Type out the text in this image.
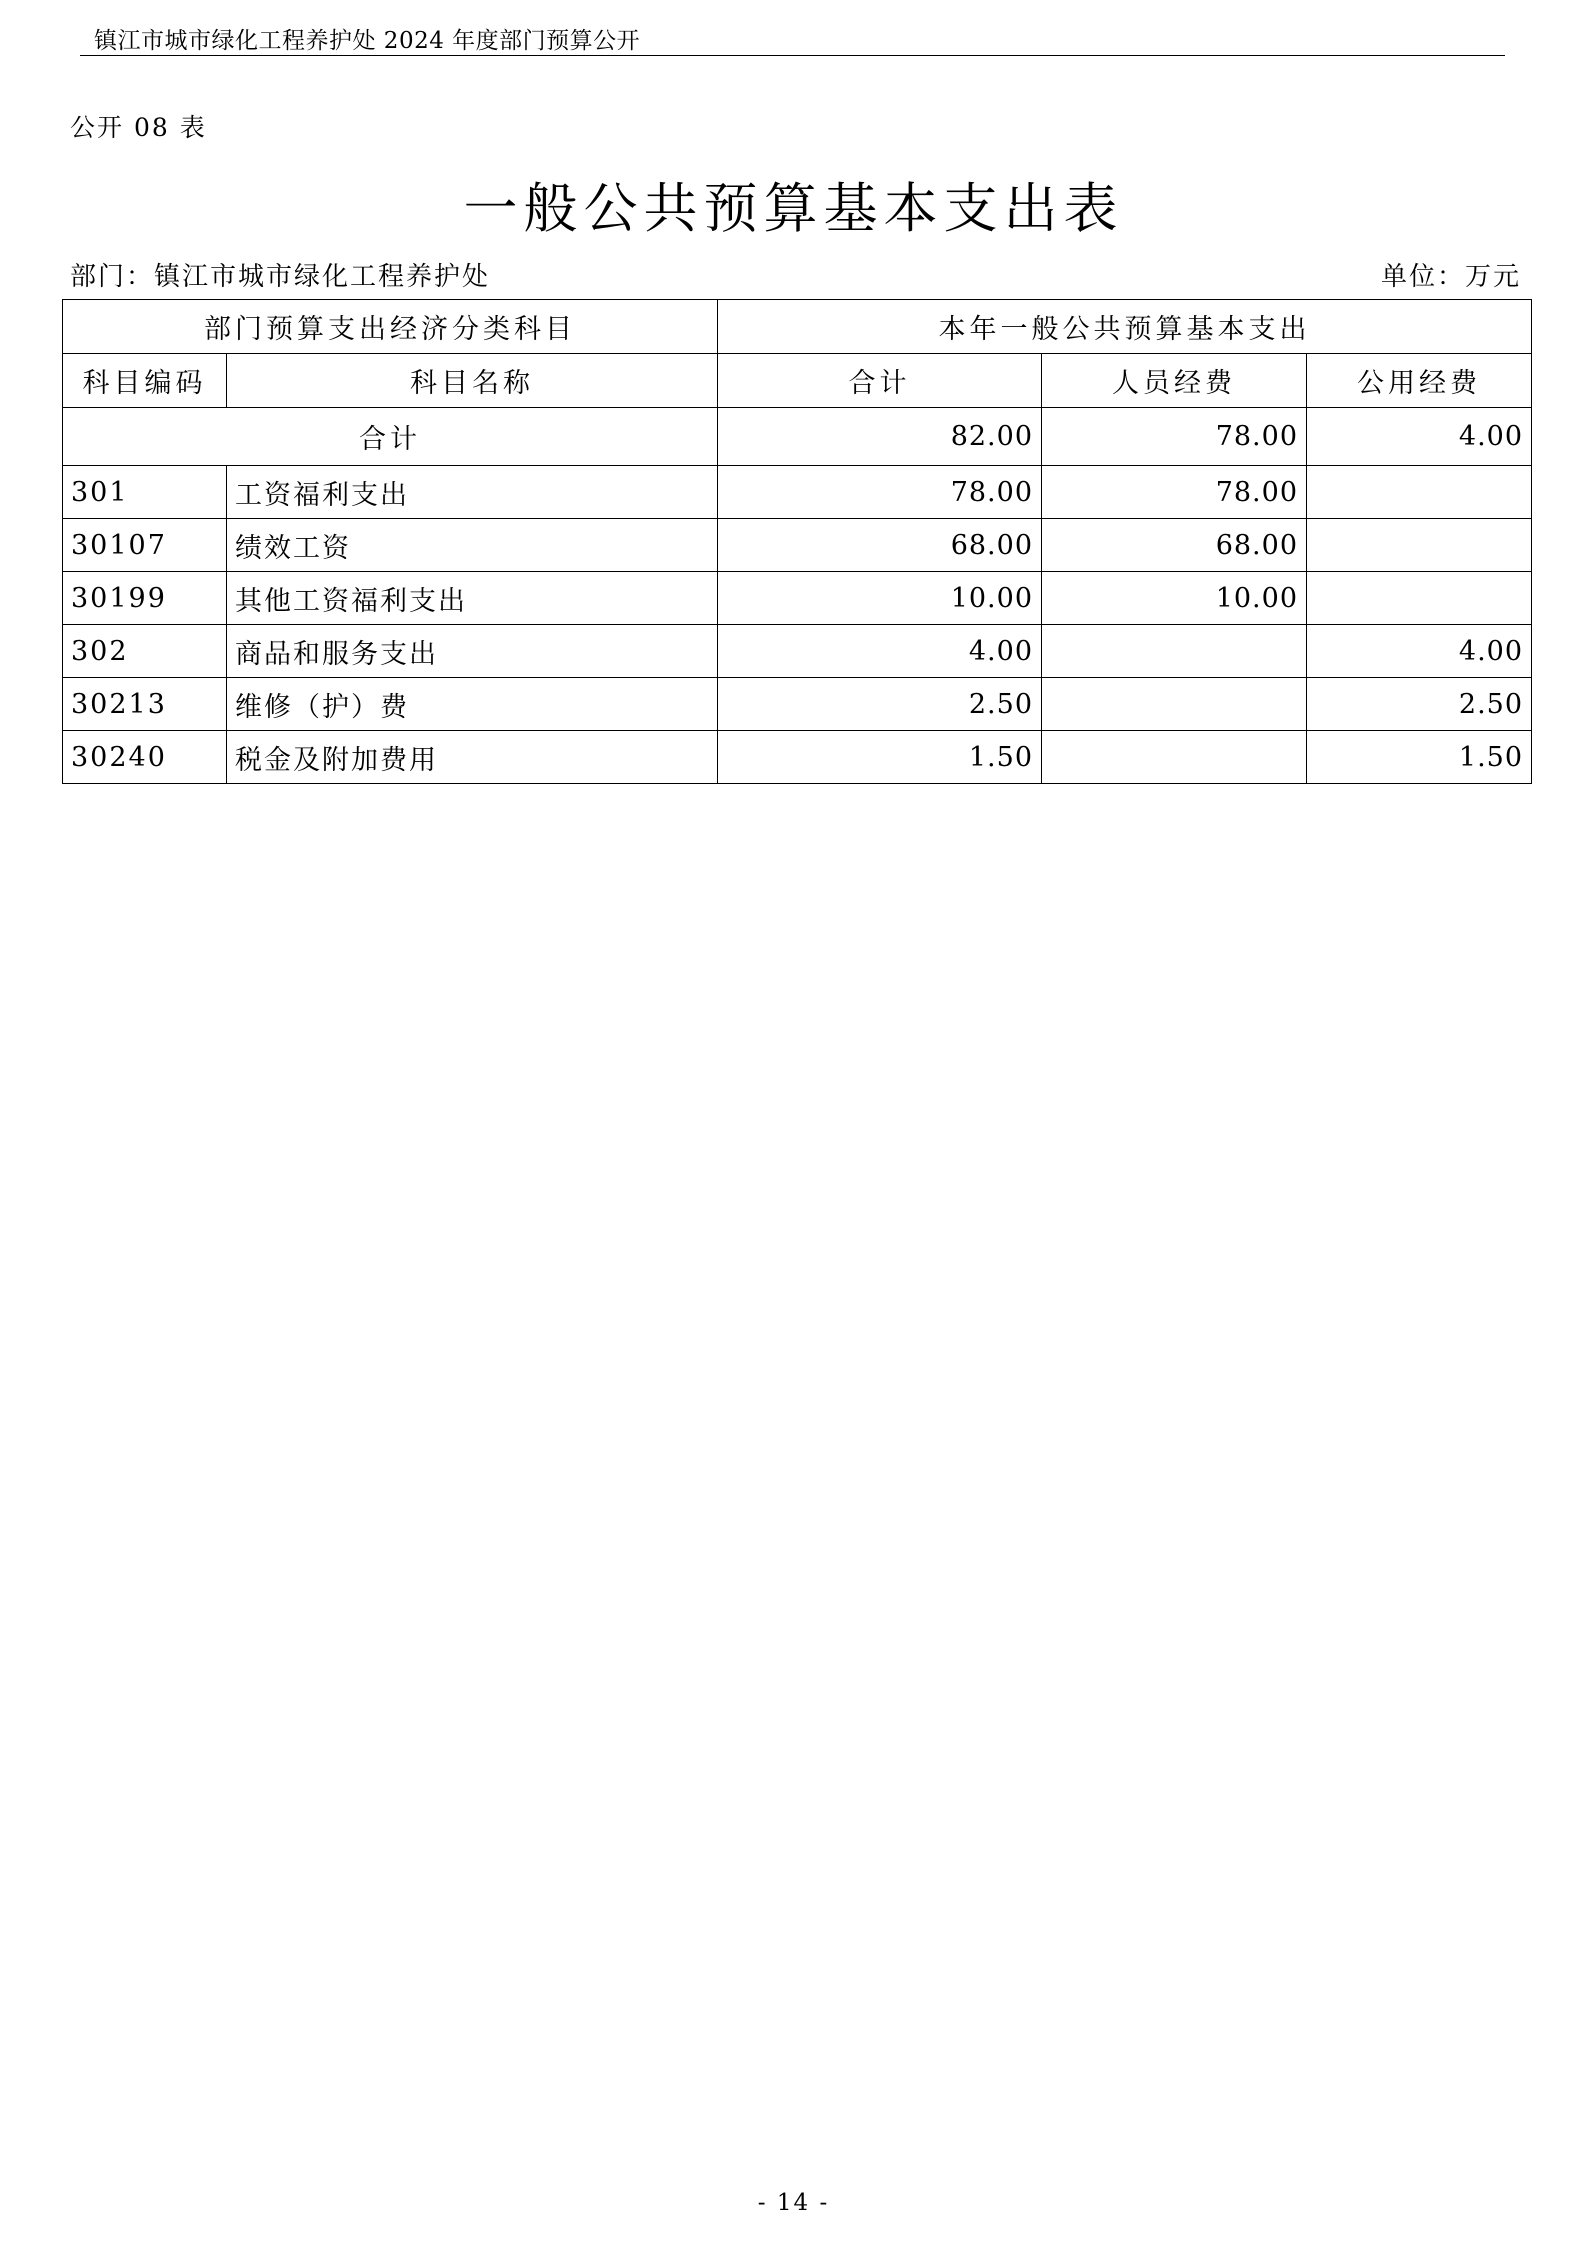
镇江市城市绿化工程养护处 2024 年度部门预算公开
公开 08 表
一般公共预算基本支出表
部门：镇江市城市绿化工程养护处	单位：万元
部门预算支出经济分类科目		本年一般公共预算基本支出		
科目编码	科目名称	合计	人员经费	公用经费
合计		82.00	78.00	4.00
301	工资福利支出	78.00	78.00	
30107	绩效工资	68.00	68.00	
30199	其他工资福利支出	10.00	10.00	
302	商品和服务支出	4.00		4.00
30213	维修（护）费	2.50		2.50
30240	税金及附加费用	1.50		1.50
- 14 -
